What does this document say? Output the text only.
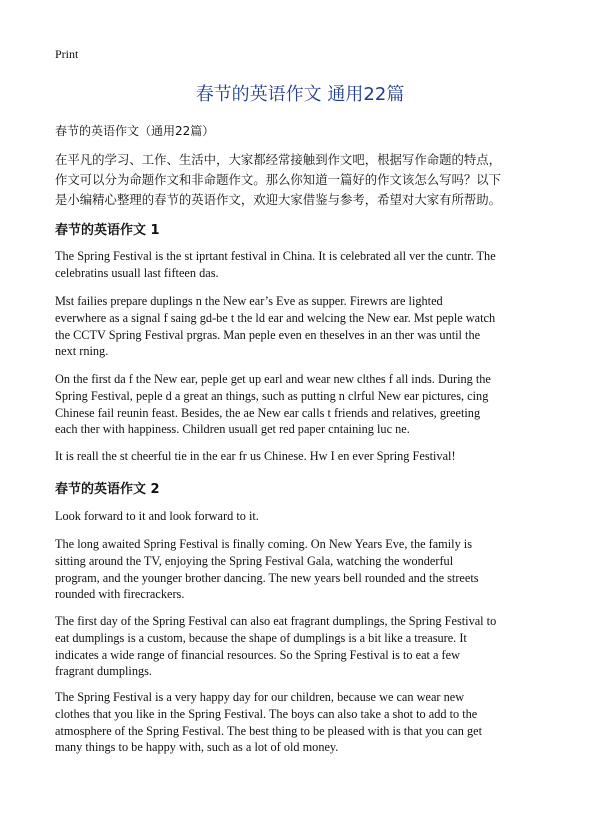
Print
春节的英语作文 通用22篇
春节的英语作文（通用22篇）
在平凡的学习、工作、生活中，大家都经常接触到作文吧，根据写作命题的特点，
作文可以分为命题作文和非命题作文。那么你知道一篇好的作文该怎么写吗？以下
是小编精心整理的春节的英语作文，欢迎大家借鉴与参考，希望对大家有所帮助。
春节的英语作文 1
The Spring Festival is the st iprtant festival in China. It is celebrated all ver the cuntr. The
celebratins usuall last fifteen das.
Mst failies prepare duplings n the New ear’s Eve as supper. Firewrs are lighted
everwhere as a signal f saing gd-be t the ld ear and welcing the New ear. Mst peple watch
the CCTV Spring Festival prgras. Man peple even en theselves in an ther was until the
next rning.
On the first da f the New ear, peple get up earl and wear new clthes f all inds. During the
Spring Festival, peple d a great an things, such as putting n clrful New ear pictures, cing
Chinese fail reunin feast. Besides, the ae New ear calls t friends and relatives, greeting
each ther with happiness. Children usuall get red paper cntaining luc ne.
It is reall the st cheerful tie in the ear fr us Chinese. Hw I en ever Spring Festival!
春节的英语作文 2
Look forward to it and look forward to it.
The long awaited Spring Festival is finally coming. On New Years Eve, the family is
sitting around the TV, enjoying the Spring Festival Gala, watching the wonderful
program, and the younger brother dancing. The new years bell rounded and the streets
rounded with firecrackers.
The first day of the Spring Festival can also eat fragrant dumplings, the Spring Festival to
eat dumplings is a custom, because the shape of dumplings is a bit like a treasure. It
indicates a wide range of financial resources. So the Spring Festival is to eat a few
fragrant dumplings.
The Spring Festival is a very happy day for our children, because we can wear new
clothes that you like in the Spring Festival. The boys can also take a shot to add to the
atmosphere of the Spring Festival. The best thing to be pleased with is that you can get
many things to be happy with, such as a lot of old money.
